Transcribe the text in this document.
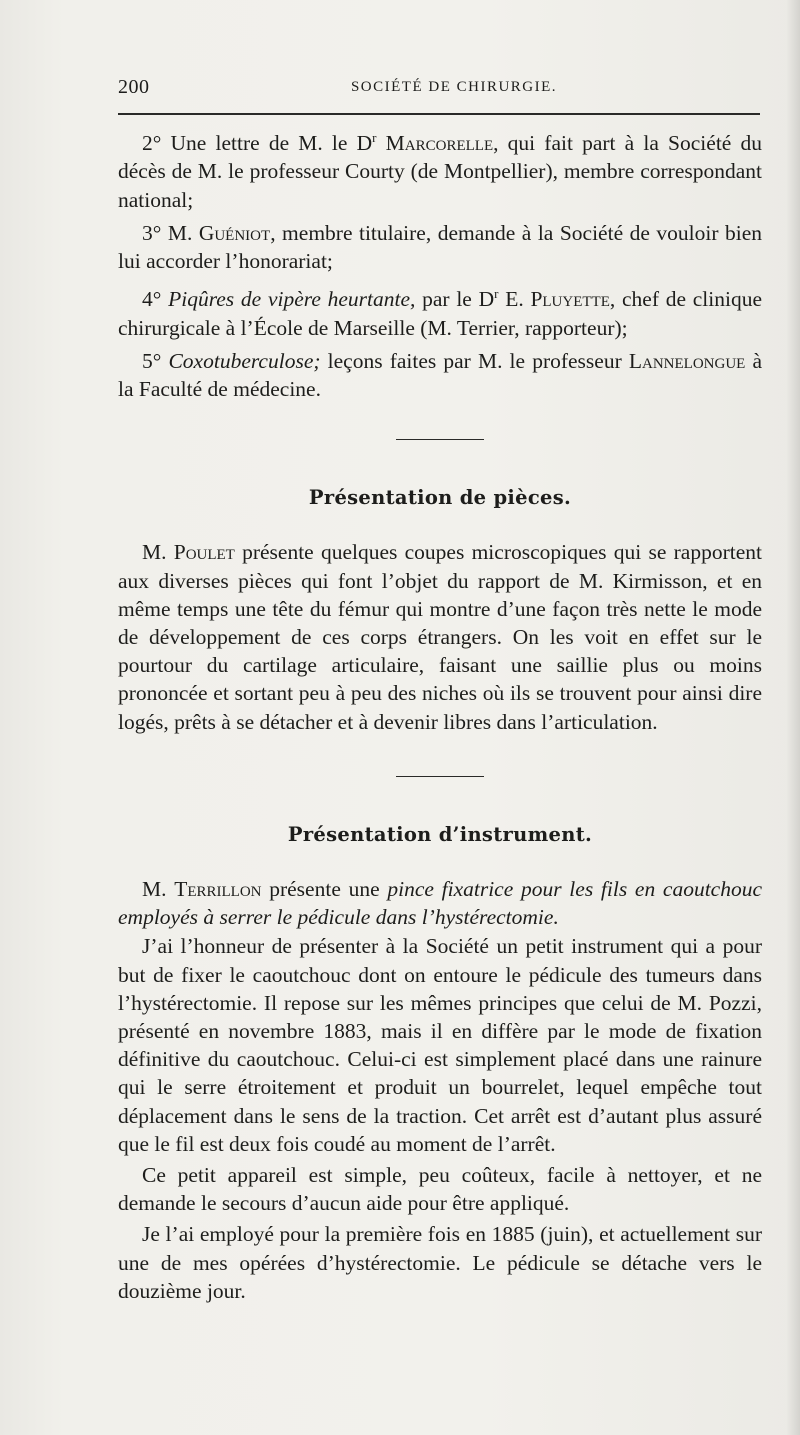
200	SOCIÉTÉ DE CHIRURGIE.

2° Une lettre de M. le $D^r$ Marcorelle, qui fait part à la Société du décès de M. le professeur Courty (de Montpellier), membre correspondant national;

3° M. Guéniot, membre titulaire, demande à la Société de vouloir bien lui accorder l’honorariat;

4° Piqûres de vipère heurtante, par le $D^r$ E. Pluyette, chef de clinique chirurgicale à l’École de Marseille (M. Terrier, rapporteur);

5° Coxotuberculose; leçons faites par M. le professeur Lannelongue à la Faculté de médecine.

Présentation de pièces.

M. Poulet présente quelques coupes microscopiques qui se rapportent aux diverses pièces qui font l’objet du rapport de M. Kirmisson, et en même temps une tête du fémur qui montre d’une façon très nette le mode de développement de ces corps étrangers. On les voit en effet sur le pourtour du cartilage articulaire, faisant une saillie plus ou moins prononcée et sortant peu à peu des niches où ils se trouvent pour ainsi dire logés, prêts à se détacher et à devenir libres dans l’articulation.

Présentation d’instrument.

M. Terrillon présente une pince fixatrice pour les fils en caoutchouc employés à serrer le pédicule dans l’hystérectomie.

J’ai l’honneur de présenter à la Société un petit instrument qui a pour but de fixer le caoutchouc dont on entoure le pédicule des tumeurs dans l’hystérectomie. Il repose sur les mêmes principes que celui de M. Pozzi, présenté en novembre 1883, mais il en diffère par le mode de fixation définitive du caoutchouc. Celui-ci est simplement placé dans une rainure qui le serre étroitement et produit un bourrelet, lequel empêche tout déplacement dans le sens de la traction. Cet arrêt est d’autant plus assuré que le fil est deux fois coudé au moment de l’arrêt.

Ce petit appareil est simple, peu coûteux, facile à nettoyer, et ne demande le secours d’aucun aide pour être appliqué.

Je l’ai employé pour la première fois en 1885 (juin), et actuellement sur une de mes opérées d’hystérectomie. Le pédicule se détache vers le douzième jour.
